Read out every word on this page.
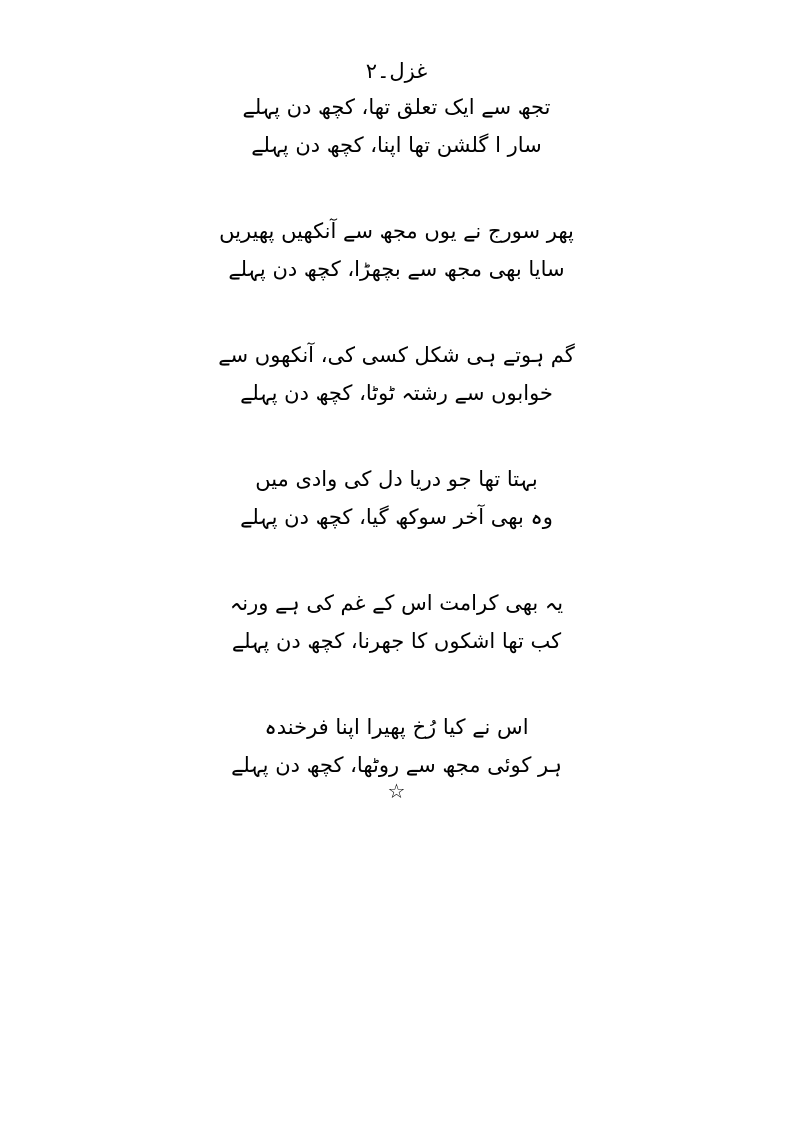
غزل۔۲
تجھ سے ایک تعلق تھا، کچھ دن پہلے
سار ا گلشن تھا اپنا، کچھ دن پہلے
پھر سورج نے یوں مجھ سے آنکھیں پھیریں
سایا بھی مجھ سے بچھڑا، کچھ دن پہلے
گم ہوتے ہی شکل کسی کی، آنکھوں سے
خوابوں سے رشتہ ٹوٹا، کچھ دن پہلے
بہتا تھا جو دریا دل کی وادی میں
وہ بھی آخر سوکھ گیا، کچھ دن پہلے
یہ بھی کرامت اس کے غم کی ہے ورنہ
کب تھا اشکوں کا جھرنا، کچھ دن پہلے
اس نے کیا رُخ پھیرا اپنا فرخندہ
ہر کوئی مجھ سے روٹھا، کچھ دن پہلے
☆
